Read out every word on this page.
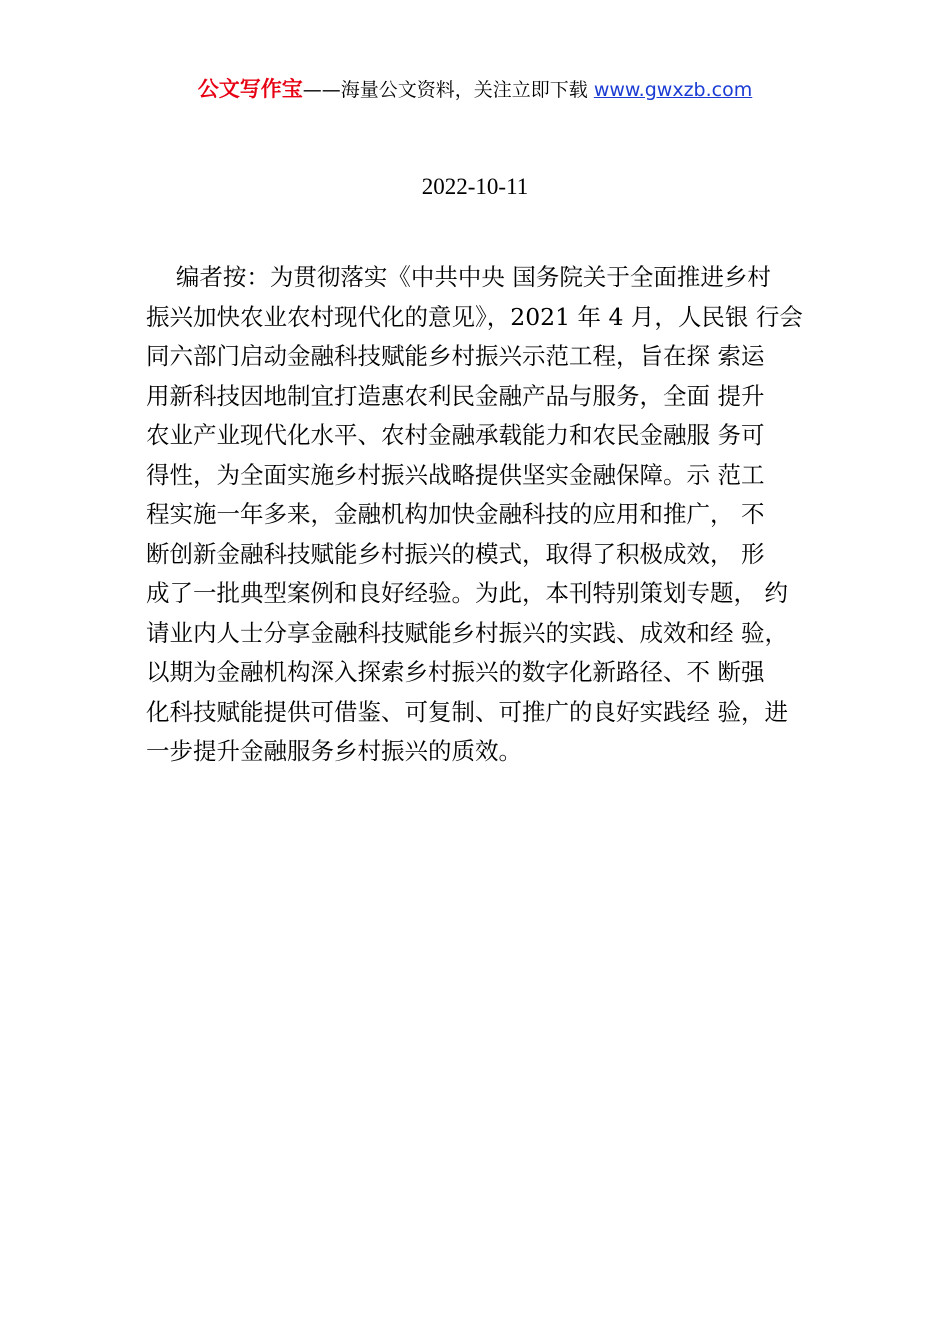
公文写作宝——海量公文资料，关注立即下载 www.gwxzb.com
2022-10-11
编者按：为贯彻落实《中共中央 国务院关于全面推进乡村
振兴加快农业农村现代化的意见》，2021 年 4 月，人民银 行会
同六部门启动金融科技赋能乡村振兴示范工程，旨在探 索运
用新科技因地制宜打造惠农利民金融产品与服务，全面 提升
农业产业现代化水平、农村金融承载能力和农民金融服 务可
得性，为全面实施乡村振兴战略提供坚实金融保障。示 范工
程实施一年多来，金融机构加快金融科技的应用和推广， 不
断创新金融科技赋能乡村振兴的模式，取得了积极成效， 形
成了一批典型案例和良好经验。为此，本刊特别策划专题， 约
请业内人士分享金融科技赋能乡村振兴的实践、成效和经 验，
以期为金融机构深入探索乡村振兴的数字化新路径、不 断强
化科技赋能提供可借鉴、可复制、可推广的良好实践经 验，进
一步提升金融服务乡村振兴的质效。
